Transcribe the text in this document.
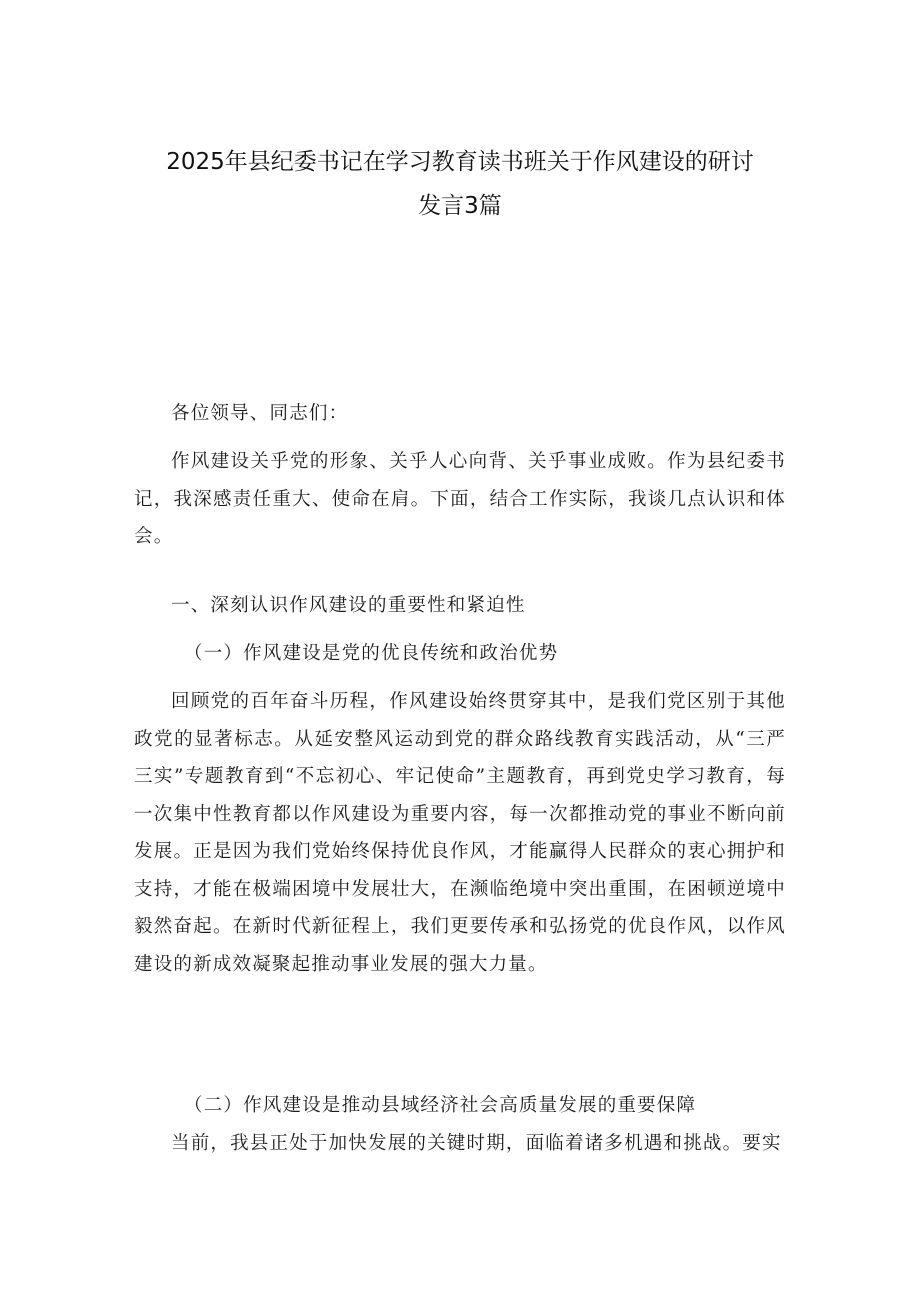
2025年县纪委书记在学习教育读书班关于作风建设的研讨
发言3篇

各位领导、同志们：

作风建设关乎党的形象、关乎人心向背、关乎事业成败。作为县纪委书记，我深感责任重大、使命在肩。下面，结合工作实际，我谈几点认识和体会。

一、深刻认识作风建设的重要性和紧迫性

（一）作风建设是党的优良传统和政治优势

回顾党的百年奋斗历程，作风建设始终贯穿其中，是我们党区别于其他政党的显著标志。从延安整风运动到党的群众路线教育实践活动，从“三严三实”专题教育到“不忘初心、牢记使命”主题教育，再到党史学习教育，每一次集中性教育都以作风建设为重要内容，每一次都推动党的事业不断向前发展。正是因为我们党始终保持优良作风，才能赢得人民群众的衷心拥护和支持，才能在极端困境中发展壮大，在濒临绝境中突出重围，在困顿逆境中毅然奋起。在新时代新征程上，我们更要传承和弘扬党的优良作风，以作风建设的新成效凝聚起推动事业发展的强大力量。

（二）作风建设是推动县域经济社会高质量发展的重要保障

当前，我县正处于加快发展的关键时期，面临着诸多机遇和挑战。要实
